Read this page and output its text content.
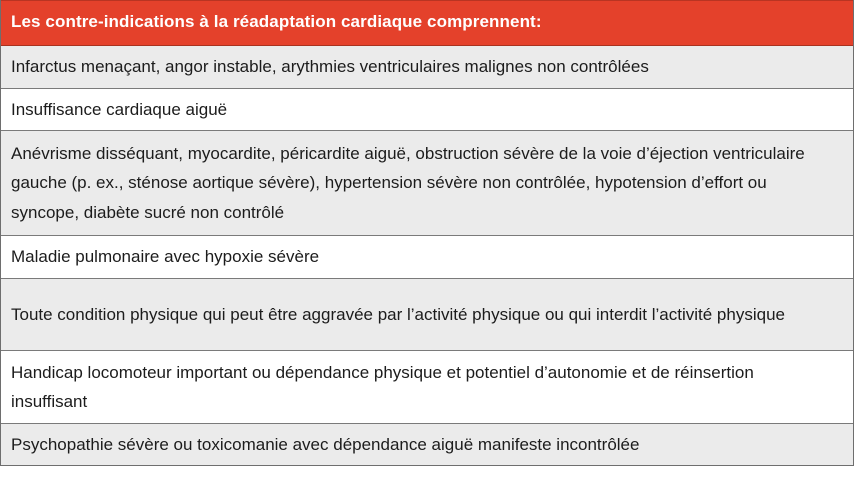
Les contre-indications à la réadaptation cardiaque comprennent:
Infarctus menaçant, angor instable, arythmies ventriculaires malignes non contrôlées
Insuffisance cardiaque aiguë
Anévrisme disséquant, myocardite, péricardite aiguë, obstruction sévère de la voie d’éjection ventriculaire gauche (p. ex., sténose aortique sévère), hypertension sévère non contrôlée, hypotension d’effort ou syncope, diabète sucré non contrôlé
Maladie pulmonaire avec hypoxie sévère
Toute condition physique qui peut être aggravée par l’activité physique ou qui interdit l’activité physique
Handicap locomoteur important ou dépendance physique et potentiel d’autonomie et de réinsertion insuffisant
Psychopathie sévère ou toxicomanie avec dépendance aiguë manifeste incontrôlée
